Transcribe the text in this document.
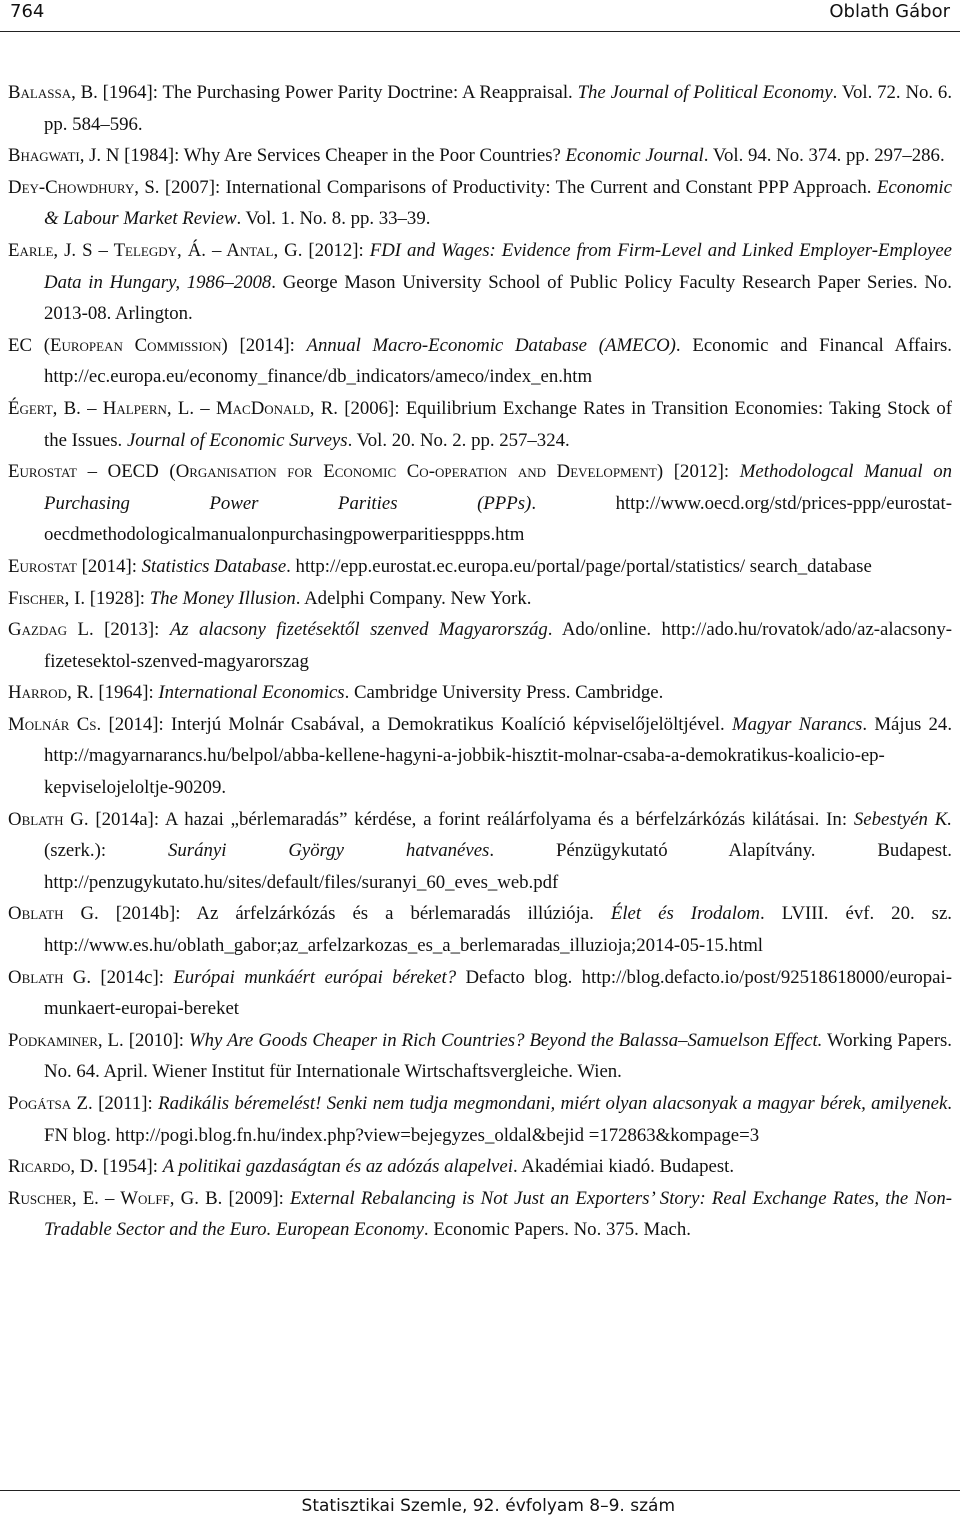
764	Oblath Gábor

Balassa, B. [1964]: The Purchasing Power Parity Doctrine: A Reappraisal. The Journal of Political Economy. Vol. 72. No. 6. pp. 584–596.

Bhagwati, J. N [1984]: Why Are Services Cheaper in the Poor Countries? Economic Journal. Vol. 94. No. 374. pp. 297–286.

Dey-Chowdhury, S. [2007]: International Comparisons of Productivity: The Current and Constant PPP Approach. Economic & Labour Market Review. Vol. 1. No. 8. pp. 33–39.

Earle, J. S – Telegdy, Á. – Antal, G. [2012]: FDI and Wages: Evidence from Firm-Level and Linked Employer-Employee Data in Hungary, 1986–2008. George Mason University School of Public Policy Faculty Research Paper Series. No. 2013-08. Arlington.

EC (European Commission) [2014]: Annual Macro-Economic Database (AMECO). Economic and Financal Affairs. http://ec.europa.eu/economy_finance/db_indicators/ameco/index_en.htm

Égert, B. – Halpern, L. – MacDonald, R. [2006]: Equilibrium Exchange Rates in Transition Economies: Taking Stock of the Issues. Journal of Economic Surveys. Vol. 20. No. 2. pp. 257–324.

Eurostat – OECD (Organisation for Economic Co-operation and Development) [2012]: Methodologcal Manual on Purchasing Power Parities (PPPs). http://www.oecd.org/std/prices-ppp/eurostat-oecdmethodologicalmanualonpurchasingpowerparitiesppps.htm

Eurostat [2014]: Statistics Database. http://epp.eurostat.ec.europa.eu/portal/page/portal/statistics/ search_database

Fischer, I. [1928]: The Money Illusion. Adelphi Company. New York.

Gazdag L. [2013]: Az alacsony fizetésektől szenved Magyarország. Ado/online. http://ado.hu/rovatok/ado/az-alacsony-fizetesektol-szenved-magyarorszag

Harrod, R. [1964]: International Economics. Cambridge University Press. Cambridge.

Molnár Cs. [2014]: Interjú Molnár Csabával, a Demokratikus Koalíció képviselőjelöltjével. Magyar Narancs. Május 24. http://magyarnarancs.hu/belpol/abba-kellene-hagyni-a-jobbik-hisztit-molnar-csaba-a-demokratikus-koalicio-ep-kepviselojeloltje-90209.

Oblath G. [2014a]: A hazai „bérlemaradás” kérdése, a forint reálárfolyama és a bérfelzárkózás kilátásai. In: Sebestyén K. (szerk.): Surányi György hatvanéves. Pénzügykutató Alapítvány. Budapest. http://penzugykutato.hu/sites/default/files/suranyi_60_eves_web.pdf

Oblath G. [2014b]: Az árfelzárkózás és a bérlemaradás illúziója. Élet és Irodalom. LVIII. évf. 20. sz. http://www.es.hu/oblath_gabor;az_arfelzarkozas_es_a_berlemaradas_illuzioja;2014-05-15.html

Oblath G. [2014c]: Európai munkáért európai béreket? Defacto blog. http://blog.defacto.io/post/92518618000/europai-munkaert-europai-bereket

Podkaminer, L. [2010]: Why Are Goods Cheaper in Rich Countries? Beyond the Balassa–Samuelson Effect. Working Papers. No. 64. April. Wiener Institut für Internationale Wirtschaftsvergleiche. Wien.

Pogátsa Z. [2011]: Radikális béremelést! Senki nem tudja megmondani, miért olyan alacsonyak a magyar bérek, amilyenek. FN blog. http://pogi.blog.fn.hu/index.php?view=bejegyzes_oldal&bejid =172863&kompage=3

Ricardo, D. [1954]: A politikai gazdaságtan és az adózás alapelvei. Akadémiai kiadó. Budapest.

Ruscher, E. – Wolff, G. B. [2009]: External Rebalancing is Not Just an Exporters’ Story: Real Exchange Rates, the Non-Tradable Sector and the Euro. European Economy. Economic Papers. No. 375. Mach.

Statisztikai Szemle, 92. évfolyam 8–9. szám
